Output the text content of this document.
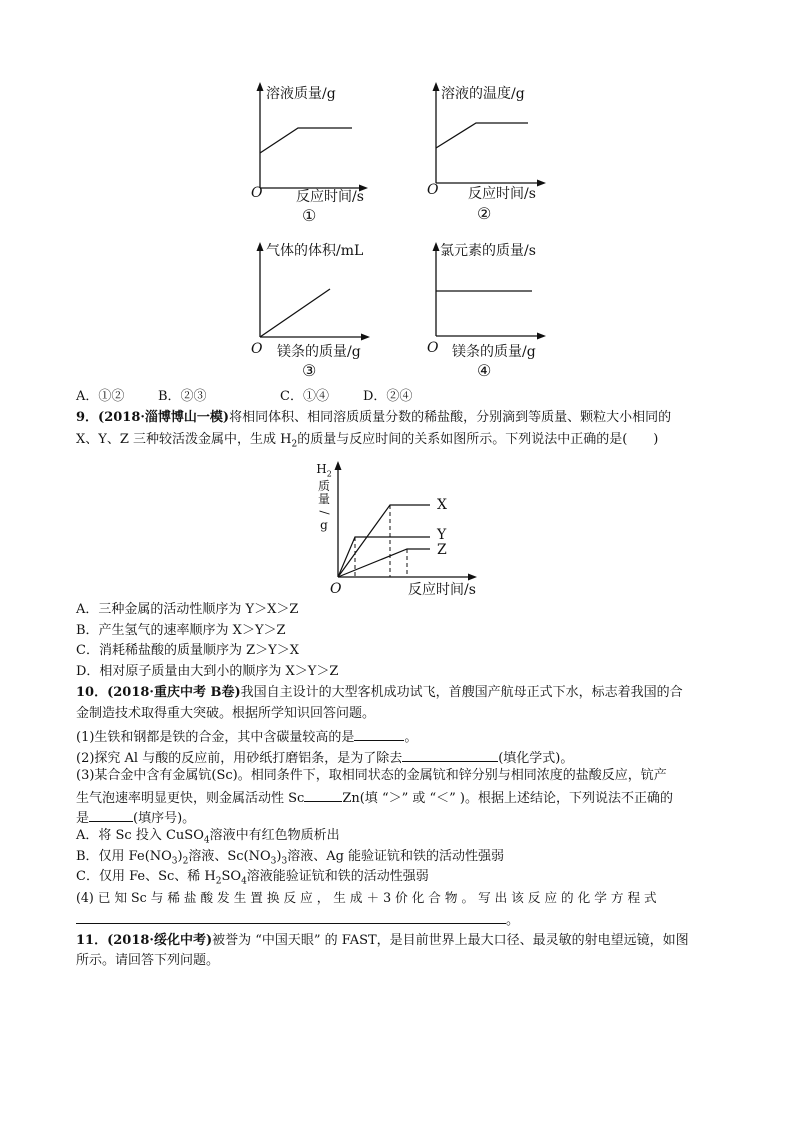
溶液质量/g
O 反应时间/s
①
溶液的温度/g
O 反应时间/s
②
气体的体积/mL
O 镁条的质量/g
③
氯元素的质量/s
O 镁条的质量/g
④
A．①②	B．②③	C．①④	D．②④
9．(2018·淄博博山一模)将相同体积、相同溶质质量分数的稀盐酸，分别滴到等质量、颗粒大小相同的
X、Y、Z 三种较活泼金属中，生成 $H_2$的质量与反应时间的关系如图所示。下列说法中正确的是(　　)
$H_2$
质
量
/
g
X
Y
Z
O	反应时间/s
A．三种金属的活动性顺序为 Y＞X＞Z
B．产生氢气的速率顺序为 X＞Y＞Z
C．消耗稀盐酸的质量顺序为 Z＞Y＞X
D．相对原子质量由大到小的顺序为 X＞Y＞Z
10．(2018·重庆中考 B卷)我国自主设计的大型客机成功试飞，首艘国产航母正式下水，标志着我国的合
金制造技术取得重大突破。根据所学知识回答问题。
(1)生铁和钢都是铁的合金，其中含碳量较高的是	。
(2)探究 Al 与酸的反应前，用砂纸打磨铝条，是为了除去	(填化学式)。
(3)某合金中含有金属钪(Sc)。相同条件下，取相同状态的金属钪和锌分别与相同浓度的盐酸反应，钪产
生气泡速率明显更快，则金属活动性 Sc	Zn(填 “＞” 或 “＜” )。根据上述结论，下列说法不正确的
是	(填序号)。
A．将 Sc 投入 CuSO$_4$溶液中有红色物质析出
B．仅用 $Fe(NO_3)_2$溶液、$Sc(NO_3)_3$溶液、Ag 能验证钪和铁的活动性强弱
C．仅用 Fe、Sc、稀 $H_2SO_4$溶液能验证钪和铁的活动性强弱
(4) 已 知 Sc 与 稀 盐 酸 发 生 置 换 反 应 ， 生 成 ＋ 3 价 化 合 物 。 写 出 该 反 应 的 化 学 方 程 式
。
11．(2018·绥化中考)被誉为 “中国天眼” 的 FAST，是目前世界上最大口径、最灵敏的射电望远镜，如图
所示。请回答下列问题。
